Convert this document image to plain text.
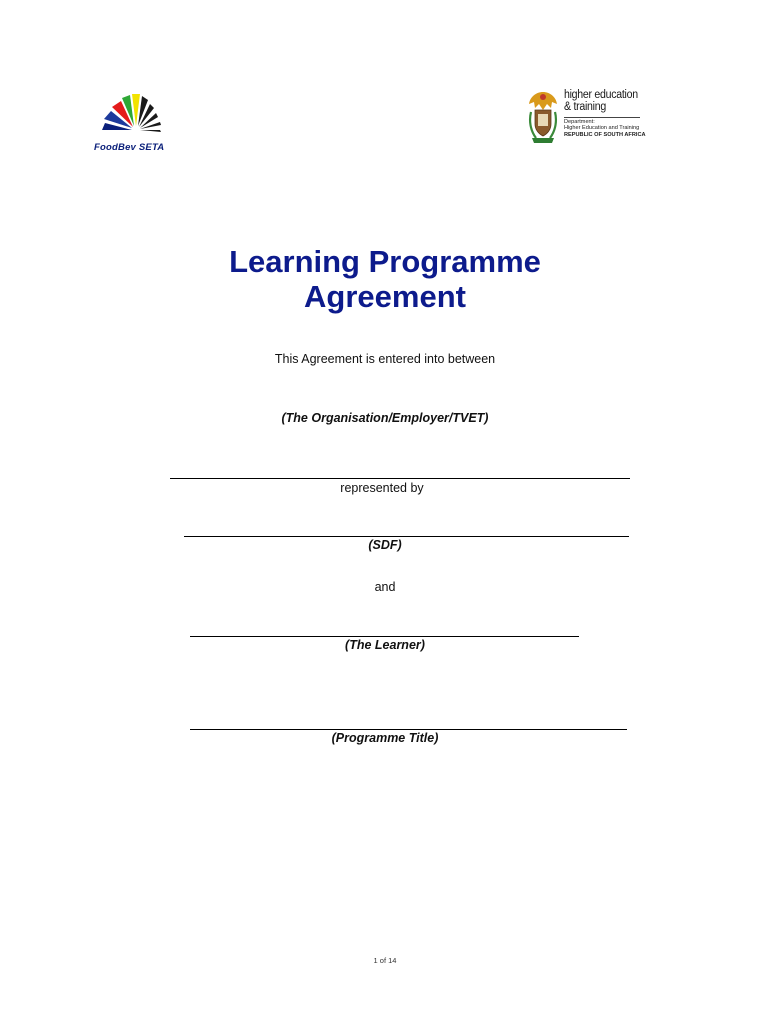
FoodBev SETA
higher education
& training
Department:
Higher Education and Training
REPUBLIC OF SOUTH AFRICA
Learning Programme
Agreement
This Agreement is entered into between
(The Organisation/Employer/TVET)
represented by
(SDF)
and
(The Learner)
(Programme Title)
1 of 14
